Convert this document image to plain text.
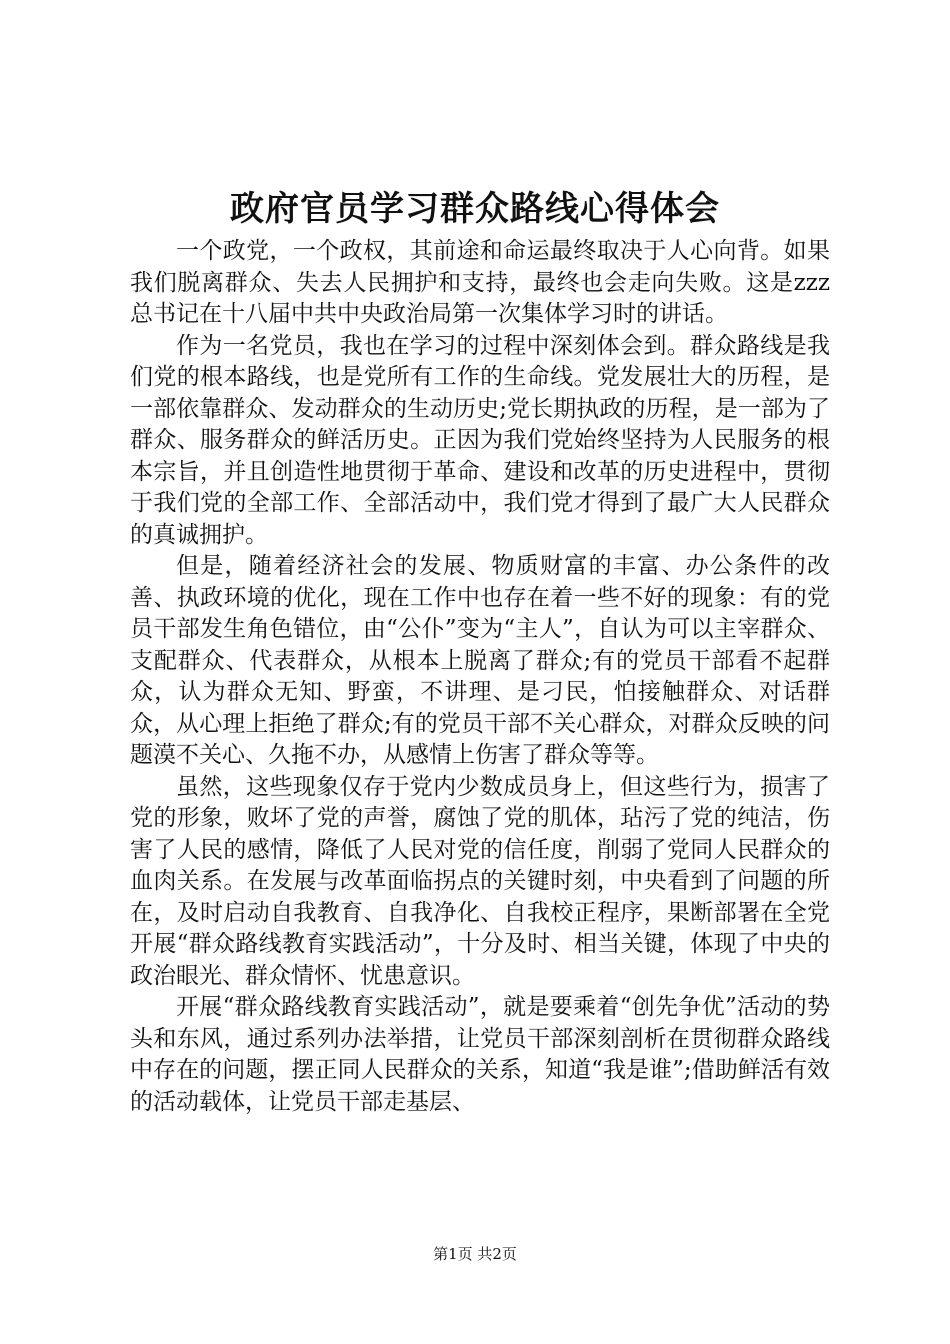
政府官员学习群众路线心得体会

一个政党，一个政权，其前途和命运最终取决于人心向背。如果我们脱离群众、失去人民拥护和支持，最终也会走向失败。这是zzz总书记在十八届中共中央政治局第一次集体学习时的讲话。

作为一名党员，我也在学习的过程中深刻体会到。群众路线是我们党的根本路线，也是党所有工作的生命线。党发展壮大的历程，是一部依靠群众、发动群众的生动历史;党长期执政的历程，是一部为了群众、服务群众的鲜活历史。正因为我们党始终坚持为人民服务的根本宗旨，并且创造性地贯彻于革命、建设和改革的历史进程中，贯彻于我们党的全部工作、全部活动中，我们党才得到了最广大人民群众的真诚拥护。

但是，随着经济社会的发展、物质财富的丰富、办公条件的改善、执政环境的优化，现在工作中也存在着一些不好的现象：有的党员干部发生角色错位，由“公仆”变为“主人”，自认为可以主宰群众、支配群众、代表群众，从根本上脱离了群众;有的党员干部看不起群众，认为群众无知、野蛮，不讲理、是刁民，怕接触群众、对话群众，从心理上拒绝了群众;有的党员干部不关心群众，对群众反映的问题漠不关心、久拖不办，从感情上伤害了群众等等。

虽然，这些现象仅存于党内少数成员身上，但这些行为，损害了党的形象，败坏了党的声誉，腐蚀了党的肌体，玷污了党的纯洁，伤害了人民的感情，降低了人民对党的信任度，削弱了党同人民群众的血肉关系。在发展与改革面临拐点的关键时刻，中央看到了问题的所在，及时启动自我教育、自我净化、自我校正程序，果断部署在全党开展“群众路线教育实践活动”，十分及时、相当关键，体现了中央的政治眼光、群众情怀、忧患意识。

开展“群众路线教育实践活动”，就是要乘着“创先争优”活动的势头和东风，通过系列办法举措，让党员干部深刻剖析在贯彻群众路线中存在的问题，摆正同人民群众的关系，知道“我是谁”;借助鲜活有效的活动载体，让党员干部走基层、

第1页 共2页
